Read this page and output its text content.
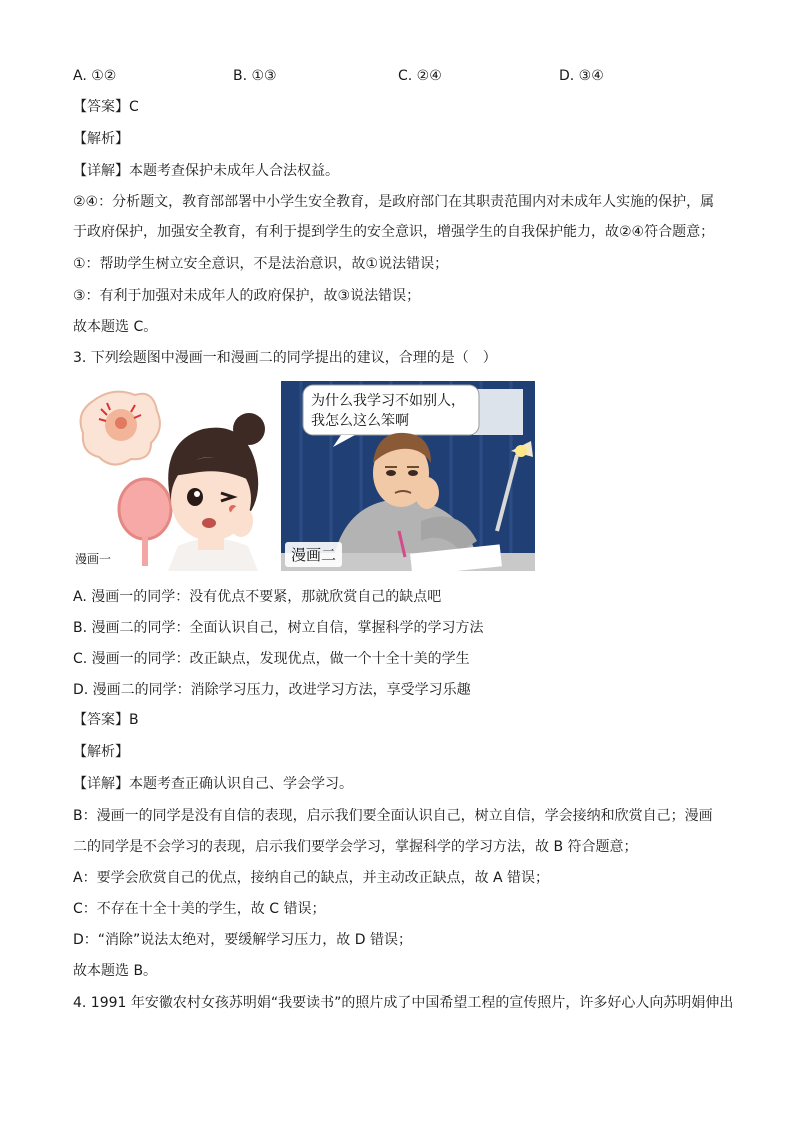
A. ①②	B. ①③	C. ②④	D. ③④
【答案】C
【解析】
【详解】本题考查保护未成年人合法权益。
②④：分析题文，教育部部署中小学生安全教育，是政府部门在其职责范围内对未成年人实施的保护，属
于政府保护，加强安全教育，有利于提到学生的安全意识，增强学生的自我保护能力，故②④符合题意；
①：帮助学生树立安全意识，不是法治意识，故①说法错误；
③：有利于加强对未成年人的政府保护，故③说法错误；
故本题选 C。
3. 下列绘题图中漫画一和漫画二的同学提出的建议，合理的是（　）
漫画一
为什么我学习不如别人，
我怎么这么笨啊
漫画二
A. 漫画一的同学：没有优点不要紧，那就欣赏自己的缺点吧
B. 漫画二的同学：全面认识自己，树立自信，掌握科学的学习方法
C. 漫画一的同学：改正缺点，发现优点，做一个十全十美的学生
D. 漫画二的同学：消除学习压力，改进学习方法，享受学习乐趣
【答案】B
【解析】
【详解】本题考查正确认识自己、学会学习。
B：漫画一的同学是没有自信的表现，启示我们要全面认识自己，树立自信，学会接纳和欣赏自己；漫画
二的同学是不会学习的表现，启示我们要学会学习，掌握科学的学习方法，故 B 符合题意；
A：要学会欣赏自己的优点，接纳自己的缺点，并主动改正缺点，故 A 错误；
C：不存在十全十美的学生，故 C 错误；
D：“消除”说法太绝对，要缓解学习压力，故 D 错误；
故本题选 B。
4. 1991 年安徽农村女孩苏明娟“我要读书”的照片成了中国希望工程的宣传照片，许多好心人向苏明娟伸出
